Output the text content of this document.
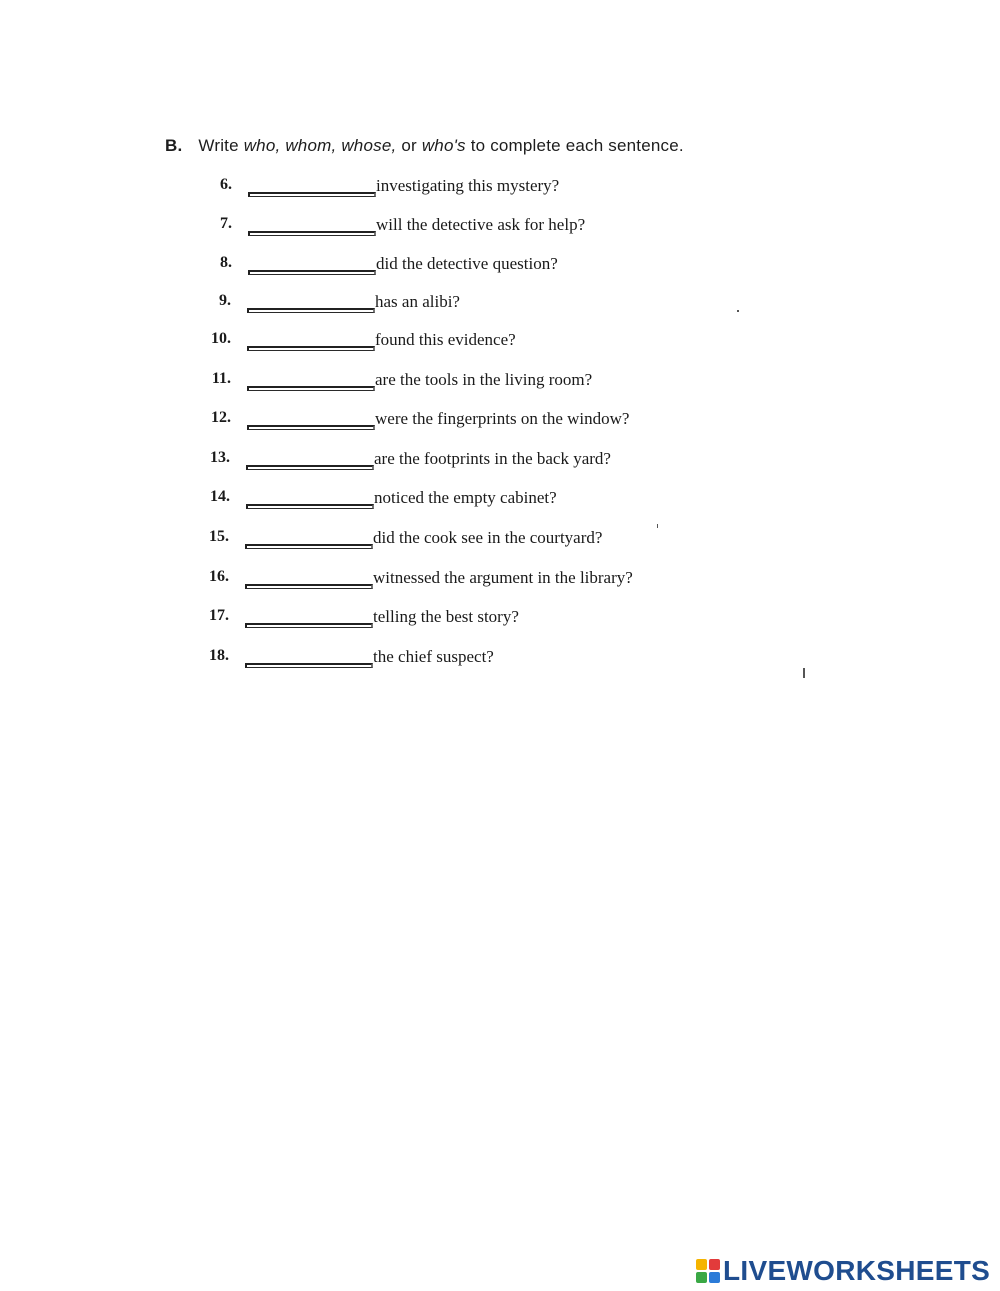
B. Write who, whom, whose, or who's to complete each sentence.
6.	investigating this mystery?
7.	will the detective ask for help?
8.	did the detective question?
9.	has an alibi?
10.	found this evidence?
11.	are the tools in the living room?
12.	were the fingerprints on the window?
13.	are the footprints in the back yard?
14.	noticed the empty cabinet?
15.	did the cook see in the courtyard?
16.	witnessed the argument in the library?
17.	telling the best story?
18.	the chief suspect?
LIVEWORKSHEETS
